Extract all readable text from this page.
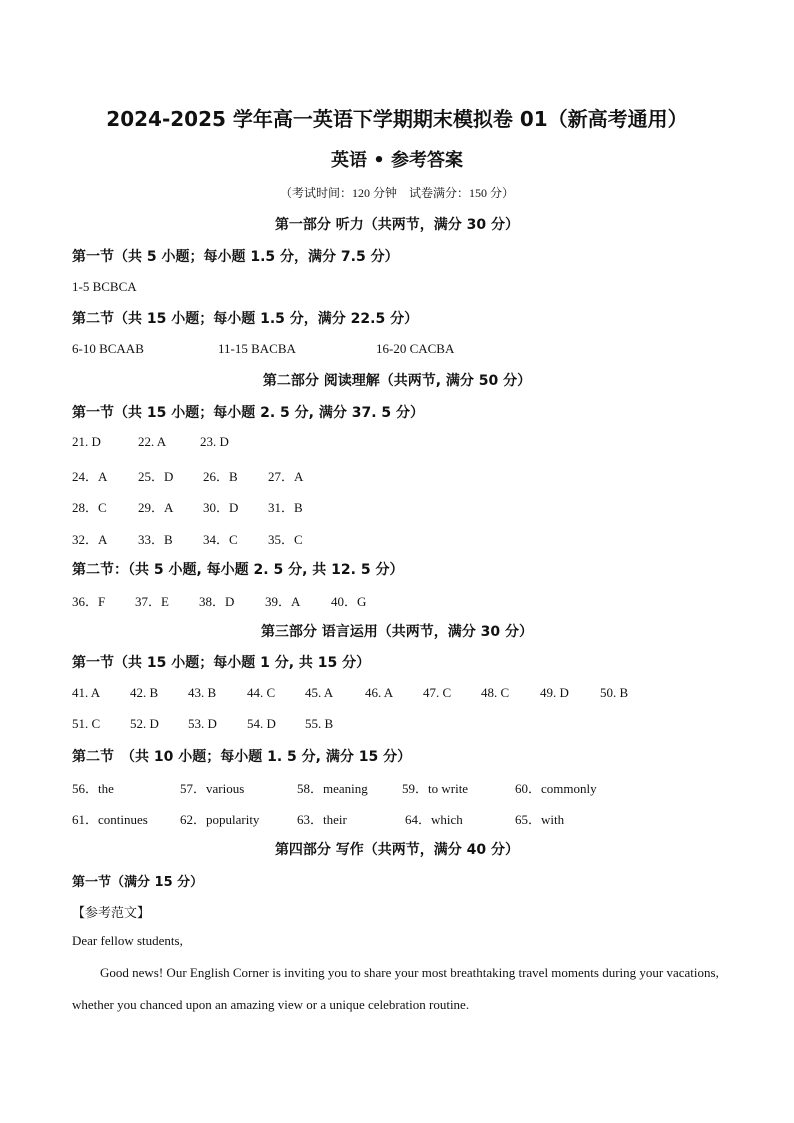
2024-2025 学年高一英语下学期期末模拟卷 01（新高考通用）
英语 • 参考答案
（考试时间：120 分钟　试卷满分：150 分）
第一部分 听力（共两节，满分 30 分）
第一节（共 5 小题；每小题 1.5 分，满分 7.5 分）
1-5 BCBCA
第二节（共 15 小题；每小题 1.5 分，满分 22.5 分）
6-10 BCAAB	11-15 BACBA	16-20 CACBA
第二部分 阅读理解（共两节, 满分 50 分）
第一节（共 15 小题；每小题 2. 5 分, 满分 37. 5 分）
21. D	22. A	23. D
24．A 25．D 26．B 27．A
28．C 29．A 30．D 31．B
32．A 33．B 34．C 35．C
第二节：（共 5 小题, 每小题 2. 5 分, 共 12. 5 分）
36．F 37．E 38．D 39．A 40．G
第三部分 语言运用（共两节，满分 30 分）
第一节（共 15 小题；每小题 1 分, 共 15 分）
41. A 42. B 43. B 44. C 45. A 46. A 47. C 48. C 49. D 50. B
51. C 52. D 53. D 54. D 55. B
第二节　（共 10 小题；每小题 1. 5 分, 满分 15 分）
56．the	57．various	58．meaning	59．to write	60．commonly
61．continues 62．popularity	63．their	64．which	65．with
第四部分 写作（共两节，满分 40 分）
第一节（满分 15 分）
【参考范文】
Dear fellow students,
Good news! Our English Corner is inviting you to share your most breathtaking travel moments during your vacations, whether you chanced upon an amazing view or a unique celebration routine.
